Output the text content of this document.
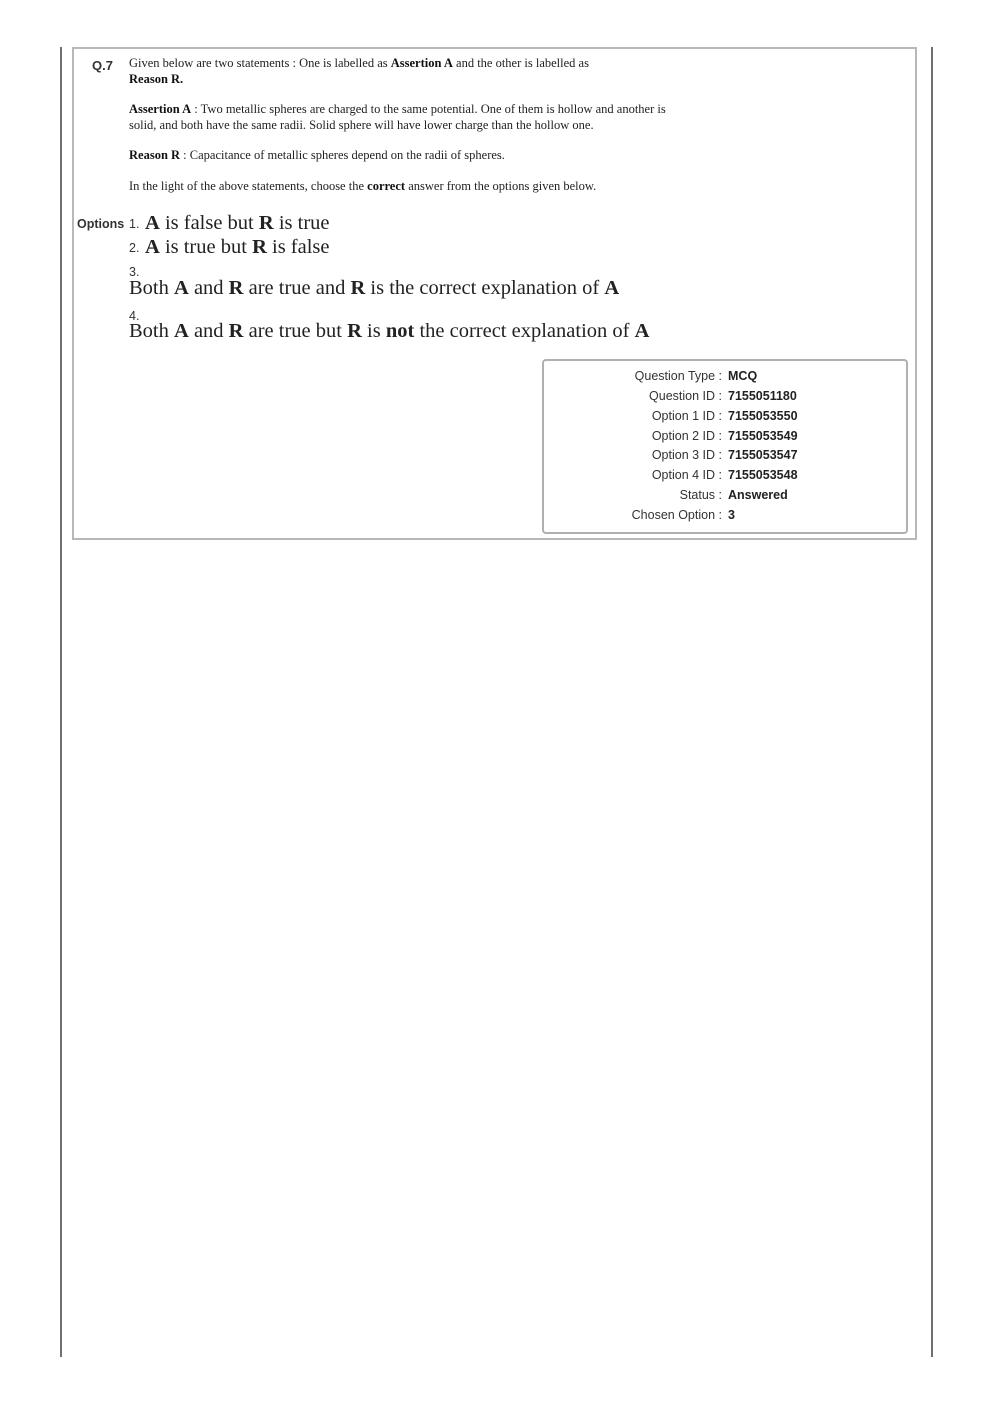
Q.7 Given below are two statements : One is labelled as Assertion A and the other is labelled as
Reason R.

Assertion A : Two metallic spheres are charged to the same potential. One of them is hollow and another is solid, and both have the same radii. Solid sphere will have lower charge than the hollow one.

Reason R : Capacitance of metallic spheres depend on the radii of spheres.

In the light of the above statements, choose the correct answer from the options given below.

Options 1. A is false but R is true
2. A is true but R is false
3.
Both A and R are true and R is the correct explanation of A
4.
Both A and R are true but R is not the correct explanation of A
Question Type : MCQ
Question ID : 7155051180
Option 1 ID : 7155053550
Option 2 ID : 7155053549
Option 3 ID : 7155053547
Option 4 ID : 7155053548
Status : Answered
Chosen Option : 3
